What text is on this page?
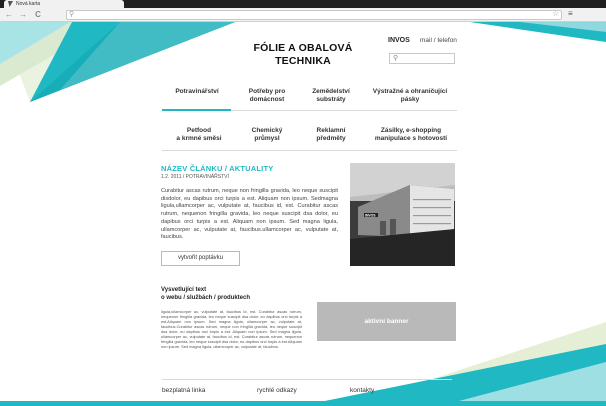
Nová karta
← → C	⚲	☆ ≡
FÓLIE A OBALOVÁ
TECHNIKA
INVOS mail / telefon
⚲
Potravinářství	Potřeby pro
domácnost
Zemědelství
substráty
Výstražné a ohraničující
pásky
Petfood
a krmné směsi
Chemický
průmysl
Reklamní
předměty
Zásilky, e-shopping
manipulace s hotovostí
NÁZEV ČLÁNKU / AKTUALITY
1.2. 2011 / POTRAVINÁŘSTVÍ
Curabitur ascas rutrum, neque non fringilla gravida, leo neque suscipit disdolor, eu dapibus orci turpis a est. Aliquam non ipsum. Sedmagna ligula,ullamcorper ac, vulputate at, faucibus id, est. Curabitur ascas rutrum, nequenon fringilla gravida, leo neque suscipit dsa dolor, eu dapibus orci turpis a est. Aliquam non ipsum. Sed magna ligula, ullamcorper ac, vulputate at, faucibus.ullamcorper ac, vulputate at, faucibus.
vytvořit poptávku
INVOS
Vysvetlující text
o webu / službách / produktech
ligula,ullamcorper ac, vulputate at, faucibus id, est. Curabitur ascas rutrum, nequenon fringilla gravida, leo neque suscipit dsa dolor, eu dapibus orci turpis a est.Aliquam non ipsum. Sed magna ligula, ullamcorper ac, vulputate at, faucibus.Curabitur ascas rutrum, neque non fringilla gravida, leo neque suscipit dsa dolor, eu dapibus orci turpis a est. Aliquam non ipsum. Sed magna ligula, ullamcorper ac, vulputate at, faucibus id, est. Curabitur ascas rutrum, nequenon fringilla gravida, leo neque suscipit dsa dolor, eu dapibus orci turpis a est.Aliquam non ipsum. Sed magna ligula, ullamcorper ac, vulputate at, faucibus.
aktivní banner
bezplatná linka	rychlé odkazy	kontakty
